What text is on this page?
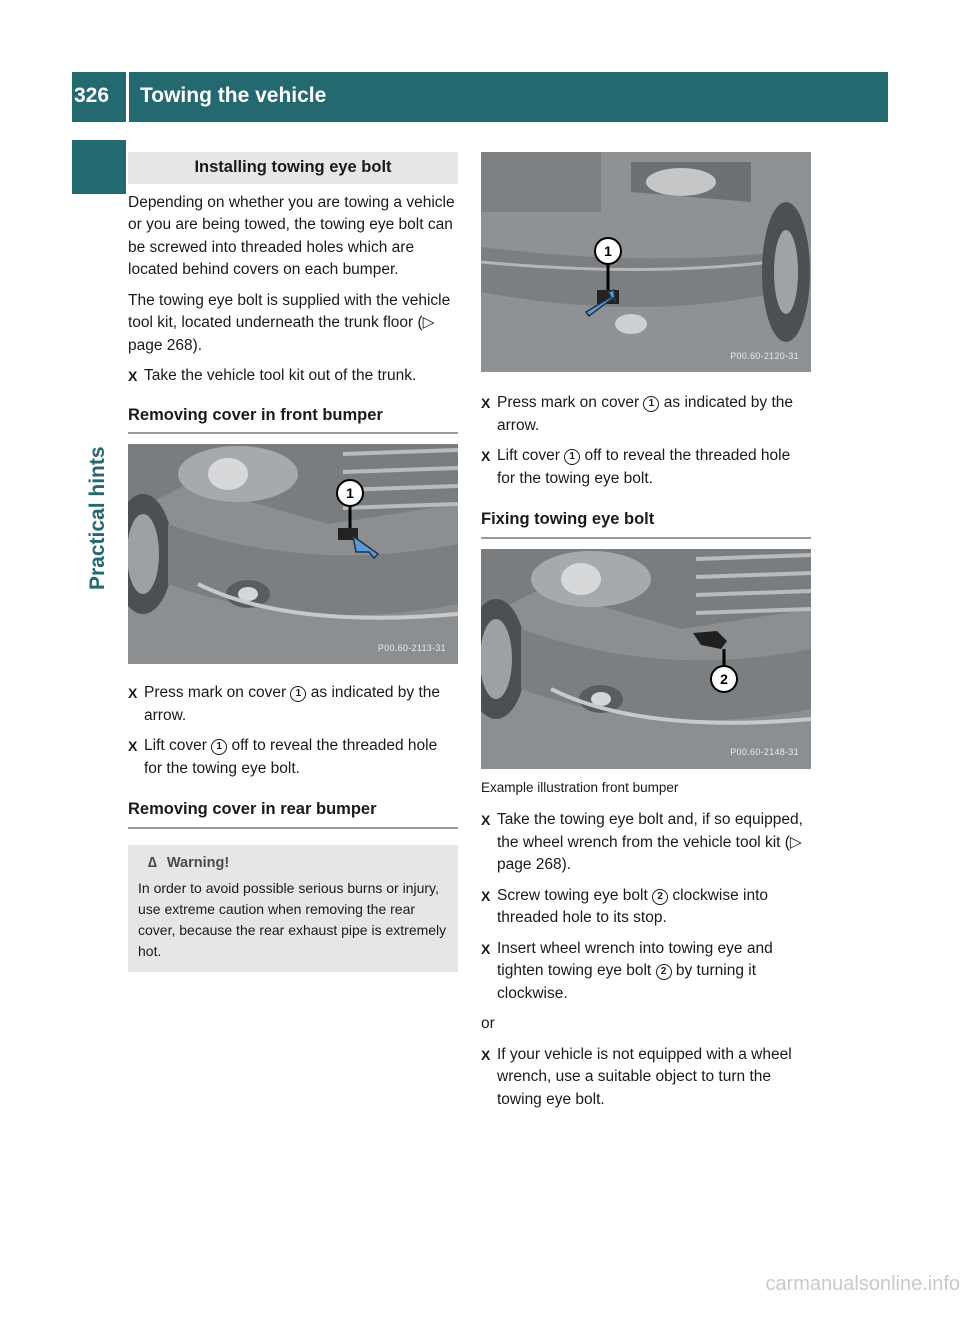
326	Towing the vehicle
Practical hints
Installing towing eye bolt

Depending on whether you are towing a vehicle or you are being towed, the towing eye bolt can be screwed into threaded holes which are located behind covers on each bumper.

The towing eye bolt is supplied with the vehicle tool kit, located underneath the trunk floor (▷ page 268).

X Take the vehicle tool kit out of the trunk.
Removing cover in front bumper
1
P00.60-2113-31
X Press mark on cover 1 as indicated by the arrow.
X Lift cover 1 off to reveal the threaded hole for the towing eye bolt.
Removing cover in rear bumper
∆ Warning!
In order to avoid possible serious burns or injury, use extreme caution when removing the rear cover, because the rear exhaust pipe is extremely hot.
1
P00.60-2120-31
X Press mark on cover 1 as indicated by the arrow.
X Lift cover 1 off to reveal the threaded hole for the towing eye bolt.
Fixing towing eye bolt
2
P00.60-2148-31
Example illustration front bumper
X Take the towing eye bolt and, if so equipped, the wheel wrench from the vehicle tool kit (▷ page 268).
X Screw towing eye bolt 2 clockwise into threaded hole to its stop.
X Insert wheel wrench into towing eye and tighten towing eye bolt 2 by turning it clockwise.

or

X If your vehicle is not equipped with a wheel wrench, use a suitable object to turn the towing eye bolt.
carmanualsonline.info
